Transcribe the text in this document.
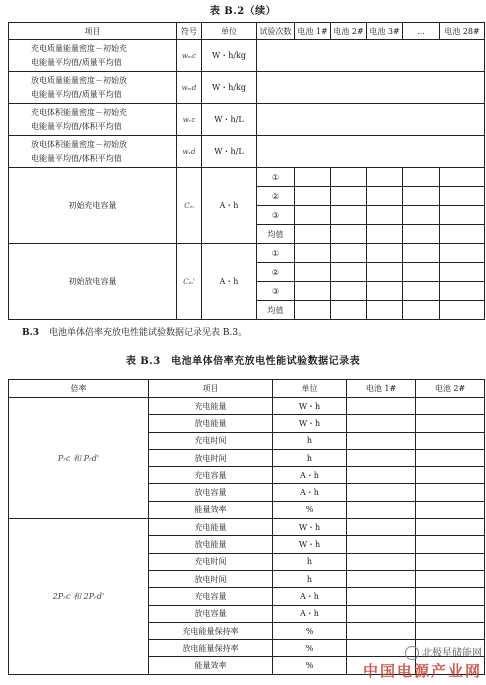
表 B.2（续）
项目	符号	单位	试验次数	电池 1#	电池 2#	电池 3#	…	电池 28#

充电质量能量密度－初始充
电能量平均值/质量平均值	wₘc	W・h/kg						

放电质量能量密度－初始放
电能量平均值/质量平均值	wₘd	W・h/kg						

充电体积能量密度－初始充
电能量平均值/体积平均值	wᵥc	W・h/L						

放电体积能量密度－初始放
电能量平均值/体积平均值	wᵥd	W・h/L						
初始充电容量	Cᵢₙ	A・h	①					
			②					
			③					
			均值					
初始放电容量	Cᵢₙ'	A・h	①					
			②					
			③					
			均值					
B.3 电池单体倍率充放电性能试验数据记录见表 B.3。
表 B.3　电池单体倍率充放电性能试验数据记录表
倍率	项目	单位	电池 1#	电池 2#
Pᵣc 和 Pᵣd'	充电能量	W・h		
	放电能量	W・h		
	充电时间	h		
	放电时间	h		
	充电容量	A・h		
	放电容量	A・h		
	能量效率	%		
2Pᵣc 和 2Pᵣd'	充电能量	W・h		
	放电能量	W・h		
	充电时间	h		
	放电时间	h		
	充电容量	A・h		
	放电容量	A・h		
	充电能量保持率	%		
	放电能量保持率	%		
	能量效率	%		
北极星储能网
中国电源产业网
